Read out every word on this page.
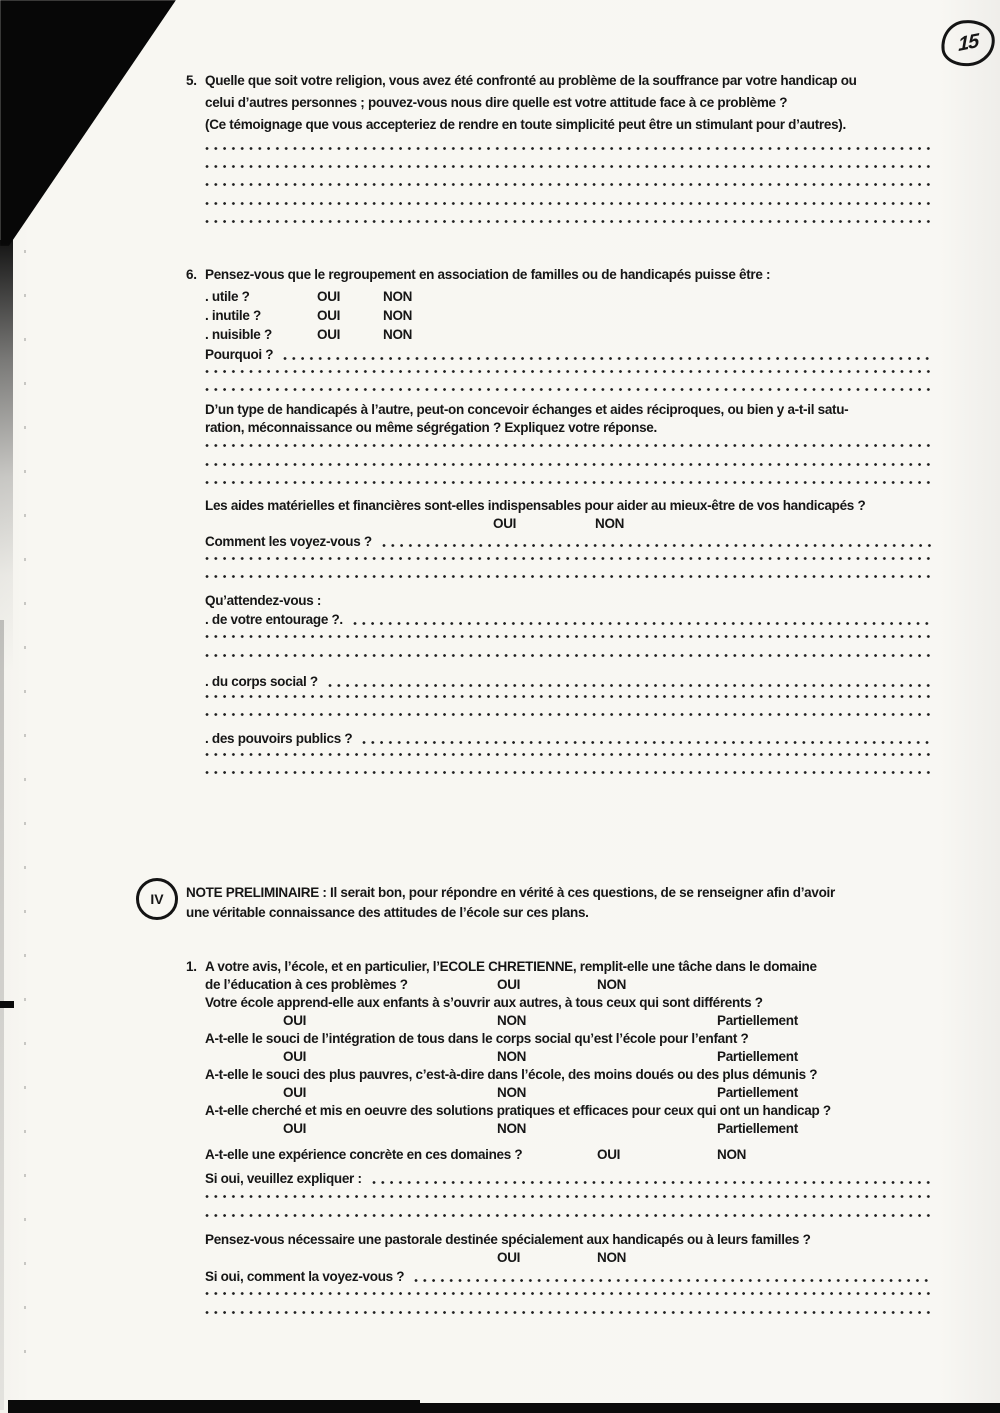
15
5. Quelle que soit votre religion, vous avez été confronté au problème de la souffrance par votre handicap ou
celui d’autres personnes ; pouvez-vous nous dire quelle est votre attitude face à ce problème ?
(Ce témoignage que vous accepteriez de rendre en toute simplicité peut être un stimulant pour d’autres).
6. Pensez-vous que le regroupement en association de familles ou de handicapés puisse être :
. utile ?	OUI	NON
. inutile ?	OUI	NON
. nuisible ?	OUI	NON
Pourquoi ?
D’un type de handicapés à l’autre, peut-on concevoir échanges et aides réciproques, ou bien y a-t-il satu-
ration, méconnaissance ou même ségrégation ? Expliquez votre réponse.
Les aides matérielles et financières sont-elles indispensables pour aider au mieux-être de vos handicapés ?
OUI	NON
Comment les voyez-vous ?
Qu’attendez-vous :
. de votre entourage ?.
. du corps social ?
. des pouvoirs publics ?
IV NOTE PRELIMINAIRE : Il serait bon, pour répondre en vérité à ces questions, de se renseigner afin d’avoir
une véritable connaissance des attitudes de l’école sur ces plans.
1. A votre avis, l’école, et en particulier, l’ECOLE CHRETIENNE, remplit-elle une tâche dans le domaine
de l’éducation à ces problèmes ?	OUI	NON
Votre école apprend-elle aux enfants à s’ouvrir aux autres, à tous ceux qui sont différents ?
OUI	NON	Partiellement
A-t-elle le souci de l’intégration de tous dans le corps social qu’est l’école pour l’enfant ?
OUI	NON	Partiellement
A-t-elle le souci des plus pauvres, c’est-à-dire dans l’école, des moins doués ou des plus démunis ?
OUI	NON	Partiellement
A-t-elle cherché et mis en oeuvre des solutions pratiques et efficaces pour ceux qui ont un handicap ?
OUI	NON	Partiellement
A-t-elle une expérience concrète en ces domaines ?	OUI	NON
Si oui, veuillez expliquer :
Pensez-vous nécessaire une pastorale destinée spécialement aux handicapés ou à leurs familles ?
OUI	NON
Si oui, comment la voyez-vous ?
